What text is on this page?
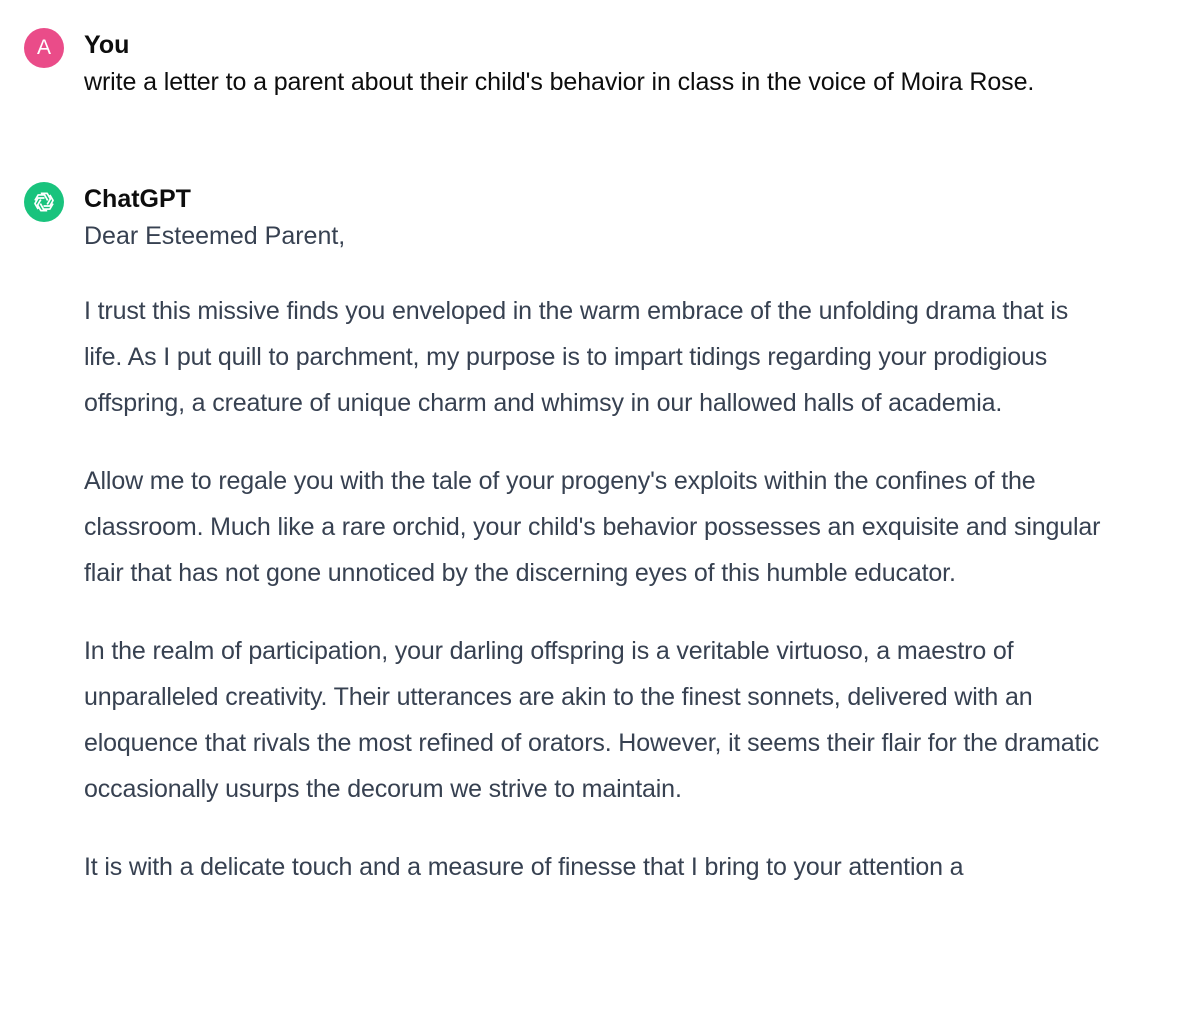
A You

write a letter to a parent about their child's behavior in class in the voice of Moira Rose.

ChatGPT

Dear Esteemed Parent,

I trust this missive finds you enveloped in the warm embrace of the unfolding drama that is life. As I put quill to parchment, my purpose is to impart tidings regarding your prodigious offspring, a creature of unique charm and whimsy in our hallowed halls of academia.

Allow me to regale you with the tale of your progeny's exploits within the confines of the classroom. Much like a rare orchid, your child's behavior possesses an exquisite and singular flair that has not gone unnoticed by the discerning eyes of this humble educator.

In the realm of participation, your darling offspring is a veritable virtuoso, a maestro of unparalleled creativity. Their utterances are akin to the finest sonnets, delivered with an eloquence that rivals the most refined of orators. However, it seems their flair for the dramatic occasionally usurps the decorum we strive to maintain.

It is with a delicate touch and a measure of finesse that I bring to your attention a
